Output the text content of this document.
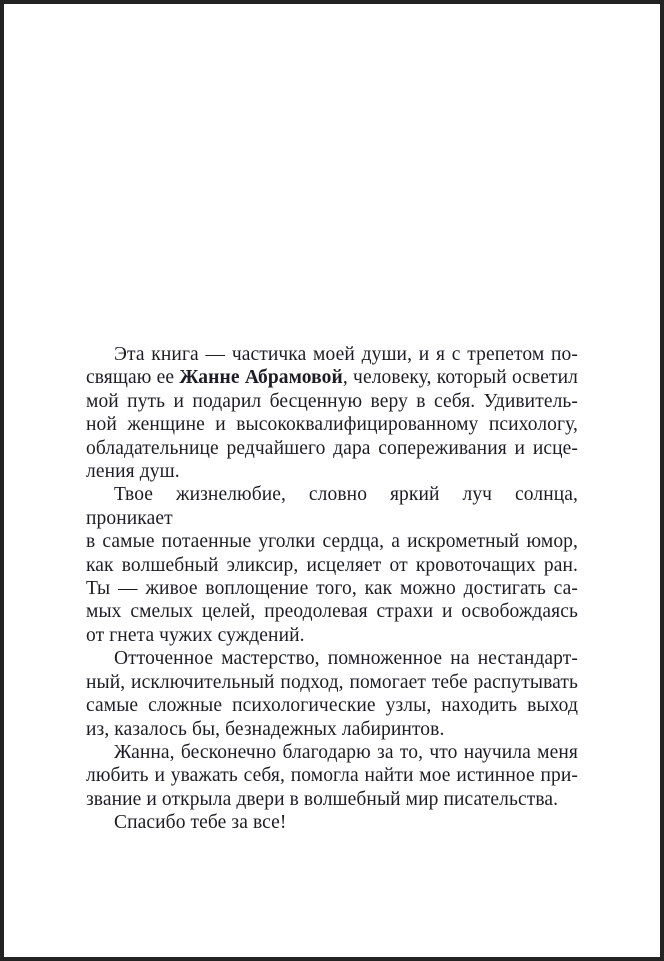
Эта книга — частичка моей души, и я с трепетом по-
свящаю ее Жанне Абрамовой, человеку, который осветил
мой путь и подарил бесценную веру в себя. Удивитель-
ной женщине и высококвалифицированному психологу,
обладательнице редчайшего дара сопереживания и исце-
ления душ.
Твое жизнелюбие, словно яркий луч солнца, проникает
в самые потаенные уголки сердца, а искрометный юмор,
как волшебный эликсир, исцеляет от кровоточащих ран.
Ты — живое воплощение того, как можно достигать са-
мых смелых целей, преодолевая страхи и освобождаясь
от гнета чужих суждений.
Отточенное мастерство, помноженное на нестандарт-
ный, исключительный подход, помогает тебе распутывать
самые сложные психологические узлы, находить выход
из, казалось бы, безнадежных лабиринтов.
Жанна, бесконечно благодарю за то, что научила меня
любить и уважать себя, помогла найти мое истинное при-
звание и открыла двери в волшебный мир писательства.
Спасибо тебе за все!
